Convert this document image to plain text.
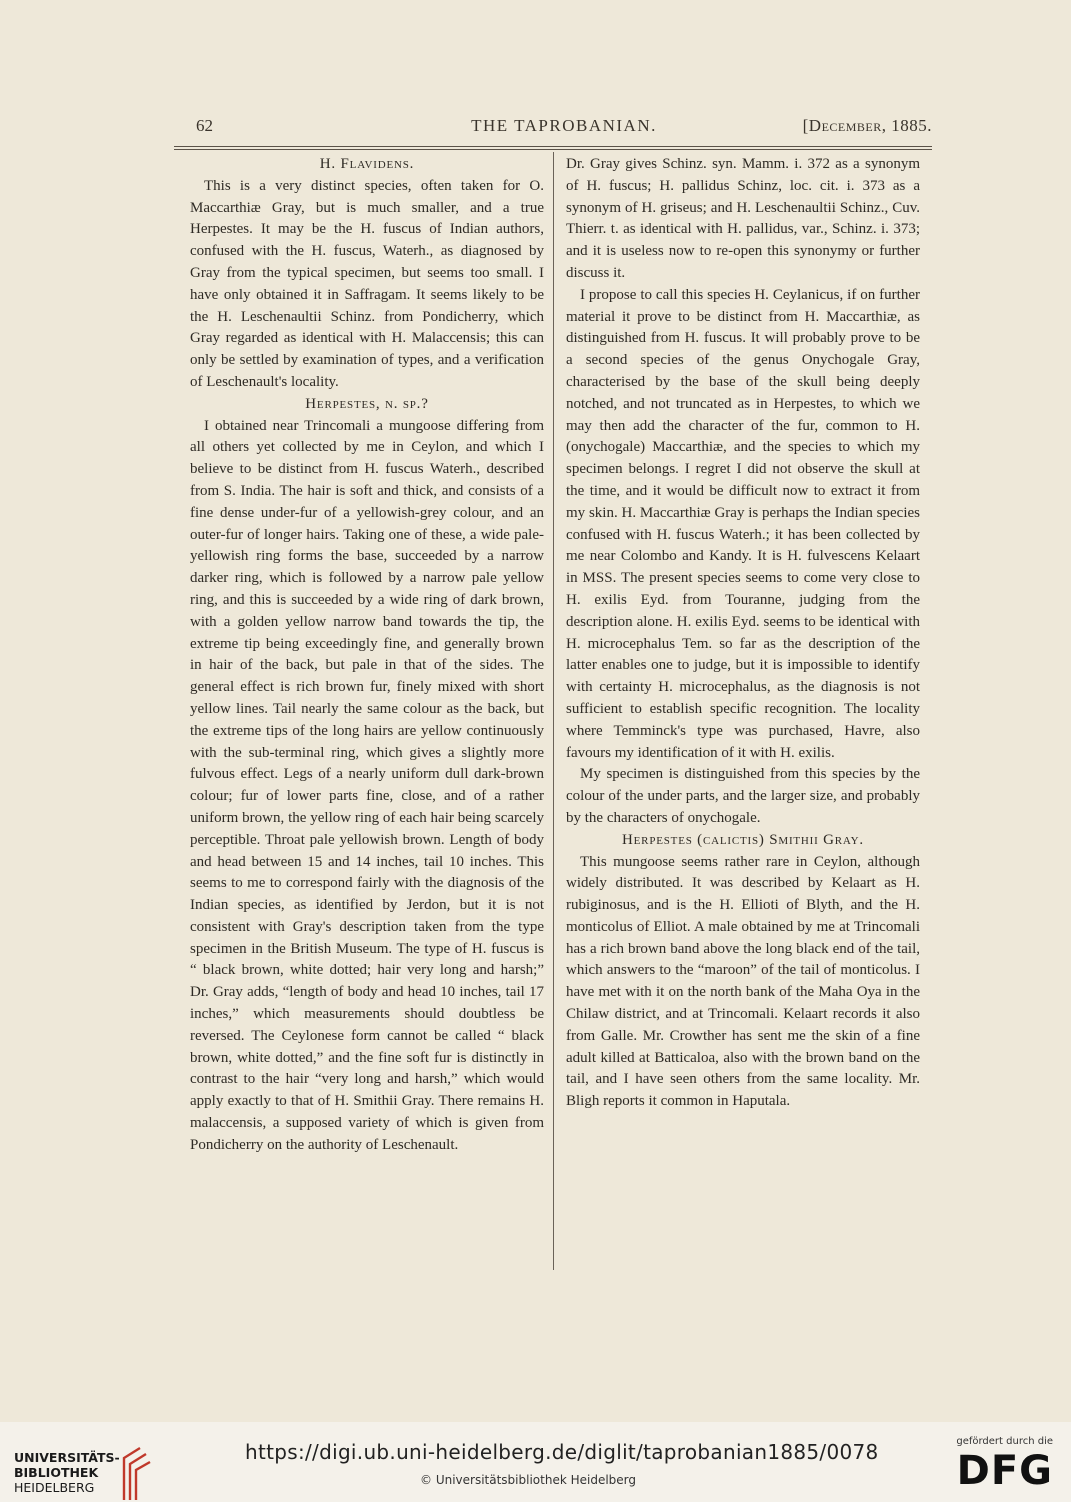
62	THE TAPROBANIAN.	[December, 1885.
H. Flavidens.

This is a very distinct species, often taken for O. Maccarthiæ Gray, but is much smaller, and a true Herpestes. It may be the H. fuscus of Indian authors, confused with the H. fuscus, Waterh., as diagnosed by Gray from the typical specimen, but seems too small. I have only obtained it in Saffragam. It seems likely to be the H. Leschenaultii Schinz. from Pondicherry, which Gray regarded as identical with H. Malaccensis; this can only be settled by examination of types, and a verification of Leschenault's locality.

Herpestes, n. sp.?

I obtained near Trincomali a mungoose differing from all others yet collected by me in Ceylon, and which I believe to be distinct from H. fuscus Waterh., described from S. India. The hair is soft and thick, and consists of a fine dense under-fur of a yellowish-grey colour, and an outer-fur of longer hairs. Taking one of these, a wide pale-yellowish ring forms the base, succeeded by a narrow darker ring, which is followed by a narrow pale yellow ring, and this is succeeded by a wide ring of dark brown, with a golden yellow narrow band towards the tip, the extreme tip being exceedingly fine, and generally brown in hair of the back, but pale in that of the sides. The general effect is rich brown fur, finely mixed with short yellow lines. Tail nearly the same colour as the back, but the extreme tips of the long hairs are yellow continuously with the sub-terminal ring, which gives a slightly more fulvous effect. Legs of a nearly uniform dull dark-brown colour; fur of lower parts fine, close, and of a rather uniform brown, the yellow ring of each hair being scarcely perceptible. Throat pale yellowish brown. Length of body and head between 15 and 14 inches, tail 10 inches. This seems to me to correspond fairly with the diagnosis of the Indian species, as identified by Jerdon, but it is not consistent with Gray's description taken from the type specimen in the British Museum. The type of H. fuscus is “ black brown, white dotted; hair very long and harsh;” Dr. Gray adds, “length of body and head 10 inches, tail 17 inches,” which measurements should doubtless be reversed. The Ceylonese form cannot be called “ black brown, white dotted,” and the fine soft fur is distinctly in contrast to the hair “very long and harsh,” which would apply exactly to that of H. Smithii Gray. There remains H. malaccensis, a supposed variety of which is given from Pondicherry on the authority of Leschenault.

Dr. Gray gives Schinz. syn. Mamm. i. 372 as a synonym of H. fuscus; H. pallidus Schinz, loc. cit. i. 373 as a synonym of H. griseus; and H. Leschenaultii Schinz., Cuv. Thierr. t. as identical with H. pallidus, var., Schinz. i. 373; and it is useless now to re-open this synonymy or further discuss it.

I propose to call this species H. Ceylanicus, if on further material it prove to be distinct from H. Maccarthiæ, as distinguished from H. fuscus. It will probably prove to be a second species of the genus Onychogale Gray, characterised by the base of the skull being deeply notched, and not truncated as in Herpestes, to which we may then add the character of the fur, common to H. (onychogale) Maccarthiæ, and the species to which my specimen belongs. I regret I did not observe the skull at the time, and it would be difficult now to extract it from my skin. H. Maccarthiæ Gray is perhaps the Indian species confused with H. fuscus Waterh.; it has been collected by me near Colombo and Kandy. It is H. fulvescens Kelaart in MSS. The present species seems to come very close to H. exilis Eyd. from Touranne, judging from the description alone. H. exilis Eyd. seems to be identical with H. microcephalus Tem. so far as the description of the latter enables one to judge, but it is impossible to identify with certainty H. microcephalus, as the diagnosis is not sufficient to establish specific recognition. The locality where Temminck's type was purchased, Havre, also favours my identification of it with H. exilis.

My specimen is distinguished from this species by the colour of the under parts, and the larger size, and probably by the characters of onychogale.

Herpestes (calictis) Smithii Gray.

This mungoose seems rather rare in Ceylon, although widely distributed. It was described by Kelaart as H. rubiginosus, and is the H. Ellioti of Blyth, and the H. monticolus of Elliot. A male obtained by me at Trincomali has a rich brown band above the long black end of the tail, which answers to the “maroon” of the tail of monticolus. I have met with it on the north bank of the Maha Oya in the Chilaw district, and at Trincomali. Kelaart records it also from Galle. Mr. Crowther has sent me the skin of a fine adult killed at Batticaloa, also with the brown band on the tail, and I have seen others from the same locality. Mr. Bligh reports it common in Haputala.

UNIVERSITÄTS-
BIBLIOTHEK
HEIDELBERG
https://digi.ub.uni-heidelberg.de/diglit/taprobanian1885/0078
© Universitätsbibliothek Heidelberg
gefördert durch die
DFG
